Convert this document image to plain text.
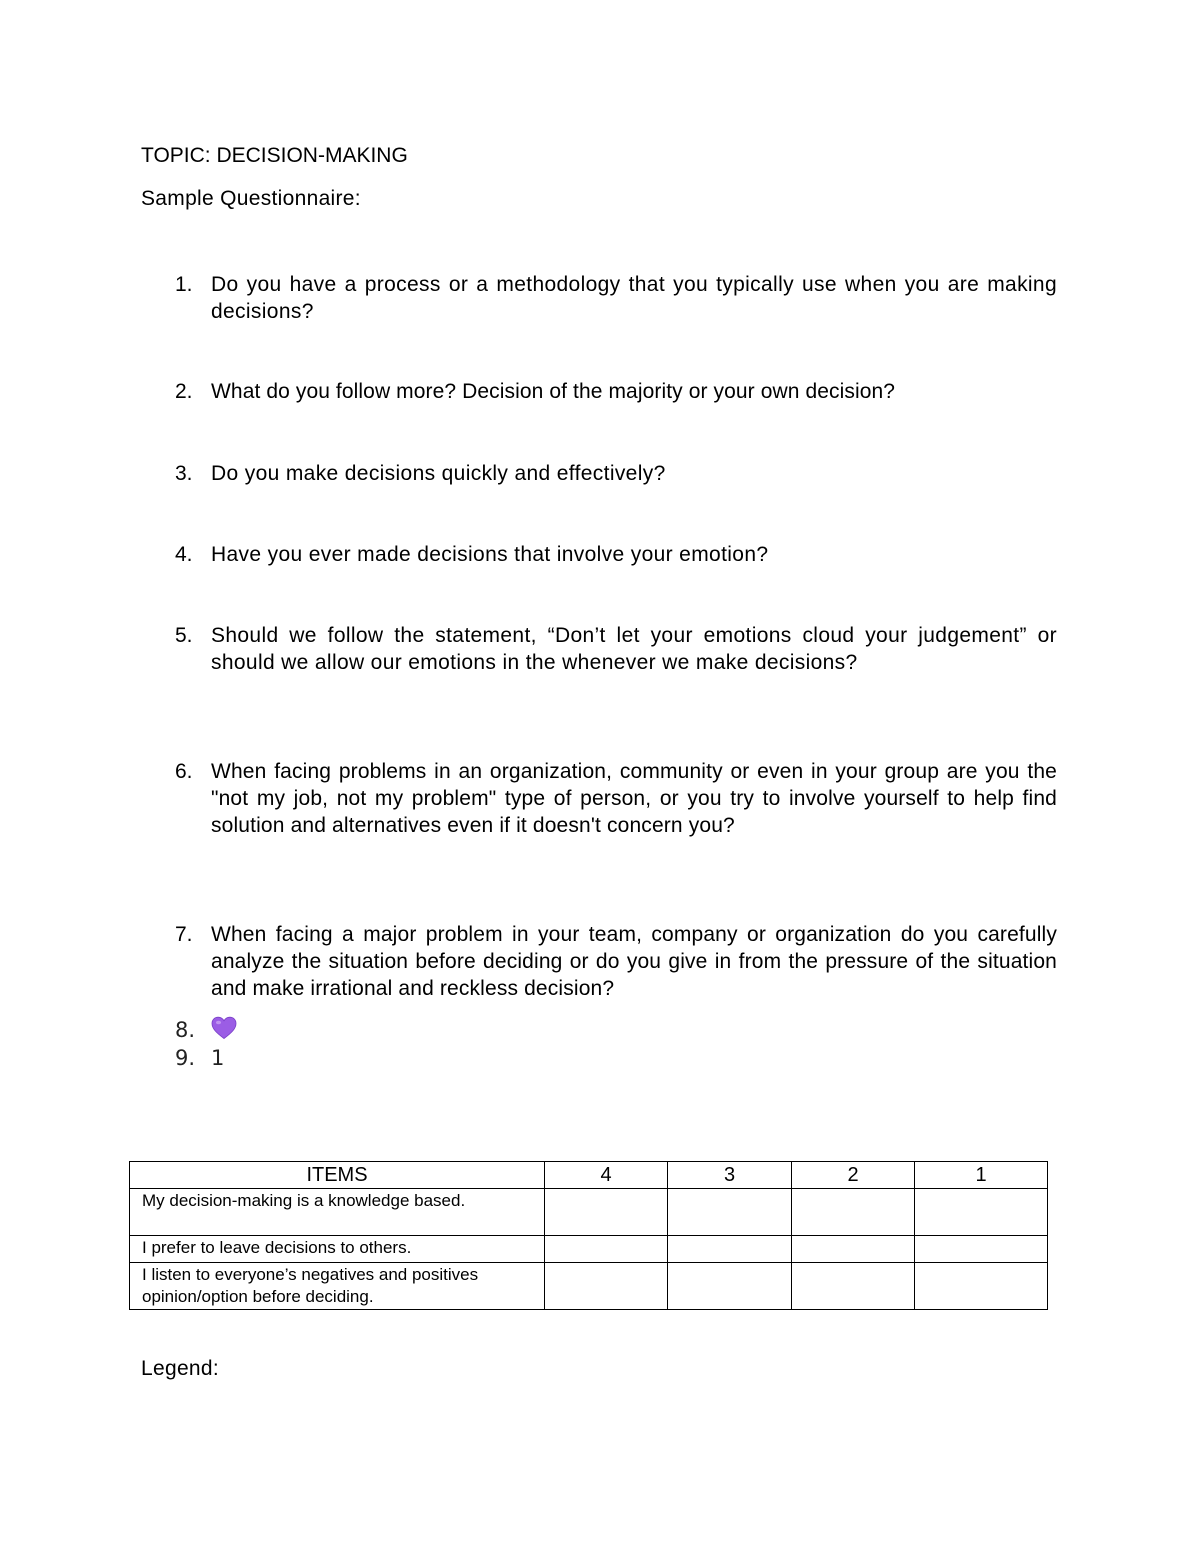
TOPIC: DECISION-MAKING
Sample Questionnaire:
1. Do you have a process or a methodology that you typically use when you are making decisions?
2. What do you follow more? Decision of the majority or your own decision?
3. Do you make decisions quickly and effectively?
4. Have you ever made decisions that involve your emotion?
5. Should we follow the statement, “Don’t let your emotions cloud your judgement” or should we allow our emotions in the whenever we make decisions?
6. When facing problems in an organization, community or even in your group are you the "not my job, not my problem" type of person, or you try to involve yourself to help find solution and alternatives even if it doesn't concern you?
7. When facing a major problem in your team, company or organization do you carefully analyze the situation before deciding or do you give in from the pressure of the situation and make irrational and reckless decision?
8.
9. 1
ITEMS	4	3	2	1
My decision-making is a knowledge based.				
I prefer to leave decisions to others.				
I listen to everyone’s negatives and positives opinion/option before deciding.				
Legend:
